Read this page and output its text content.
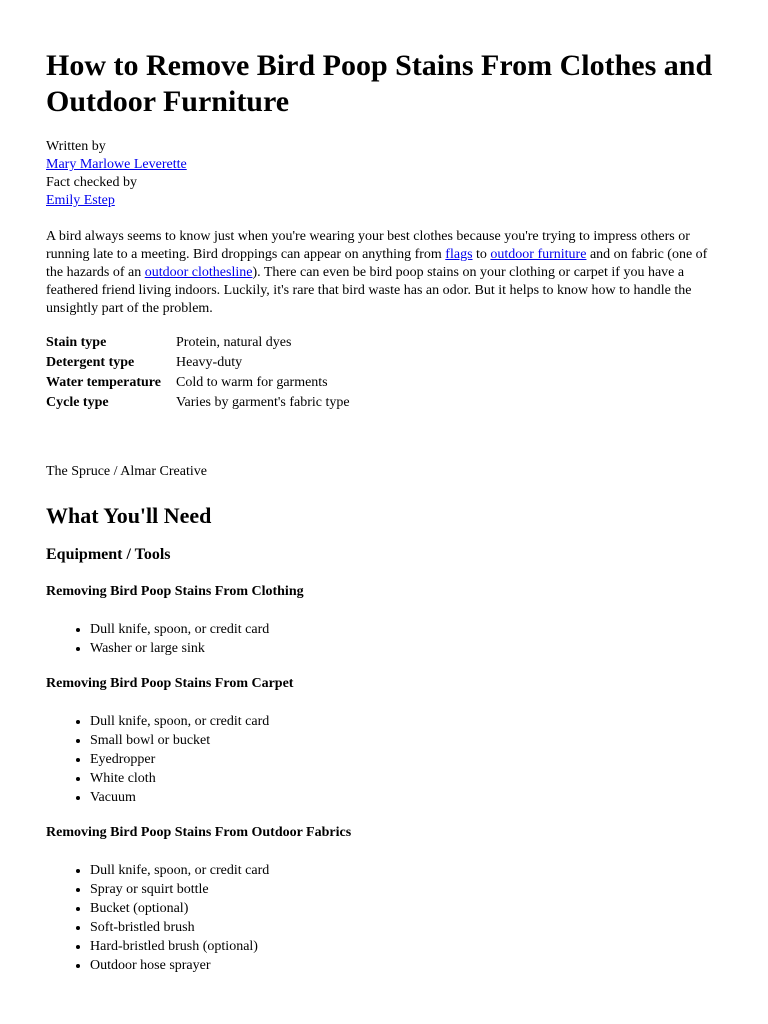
How to Remove Bird Poop Stains From Clothes and Outdoor Furniture
Written by
Mary Marlowe Leverette
Fact checked by
Emily Estep

A bird always seems to know just when you're wearing your best clothes because you're trying to impress others or running late to a meeting. Bird droppings can appear on anything from flags to outdoor furniture and on fabric (one of the hazards of an outdoor clothesline). There can even be bird poop stains on your clothing or carpet if you have a feathered friend living indoors. Luckily, it's rare that bird waste has an odor. But it helps to know how to handle the unsightly part of the problem.

Stain type	Protein, natural dyes
Detergent type	Heavy-duty
Water temperature	Cold to warm for garments
Cycle type	Varies by garment's fabric type
The Spruce / Almar Creative
What You'll Need
Equipment / Tools
Removing Bird Poop Stains From Clothing
• Dull knife, spoon, or credit card
• Washer or large sink
Removing Bird Poop Stains From Carpet
• Dull knife, spoon, or credit card
• Small bowl or bucket
• Eyedropper
• White cloth
• Vacuum
Removing Bird Poop Stains From Outdoor Fabrics
• Dull knife, spoon, or credit card
• Spray or squirt bottle
• Bucket (optional)
• Soft-bristled brush
• Hard-bristled brush (optional)
• Outdoor hose sprayer
